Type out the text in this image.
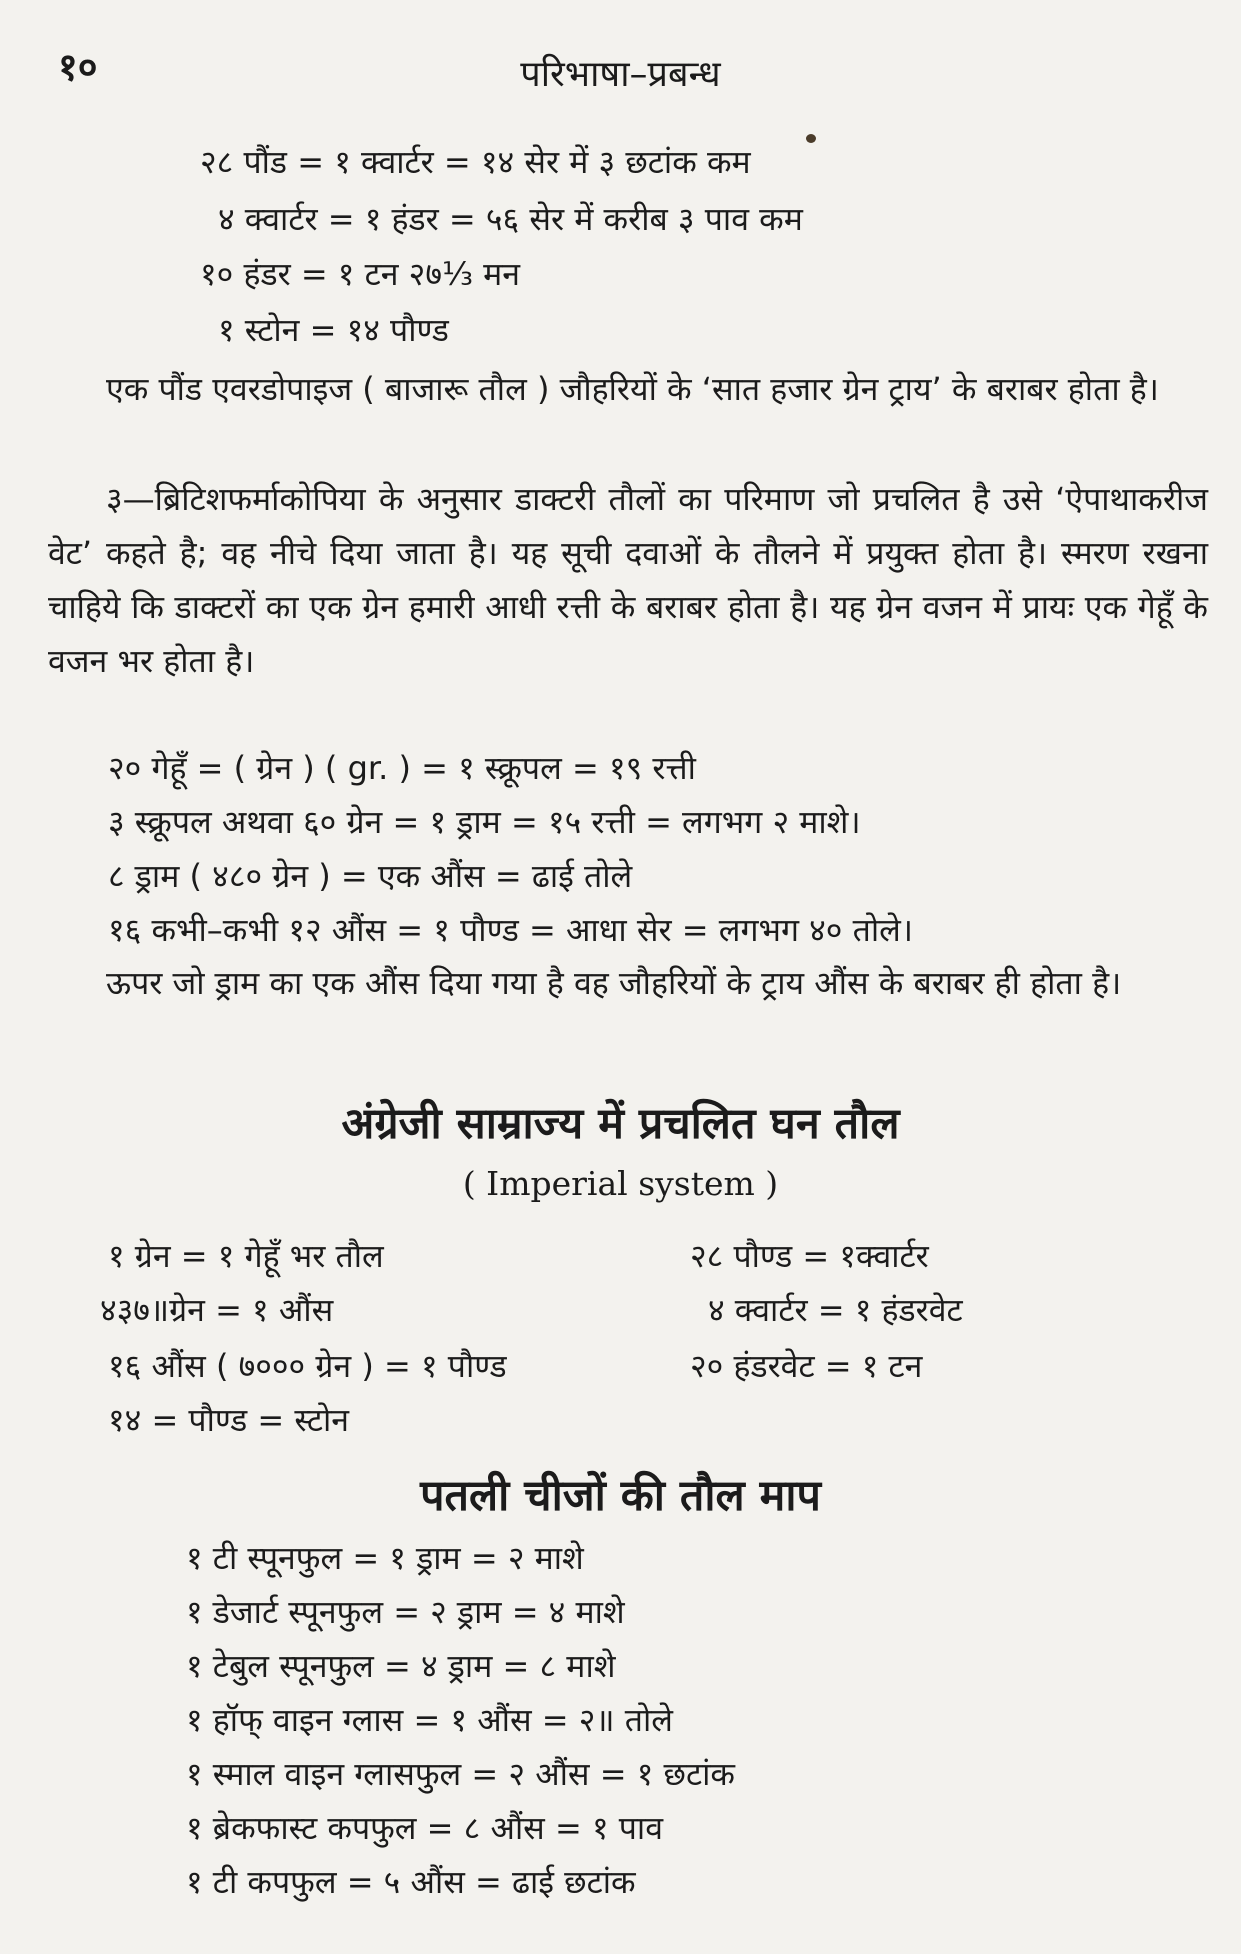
१०	परिभाषा–प्रबन्ध
२८ पौंड = १ क्वार्टर = १४ सेर में ३ छटांक कम
४ क्वार्टर = १ हंडर = ५६ सेर में करीब ३ पाव कम
१० हंडर = १ टन २७⅓ मन
१ स्टोन = १४ पौण्ड
एक पौंड एवरडोपाइज ( बाजारू तौल ) जौहरियों के ‘सात हजार ग्रेन ट्राय’ के बराबर होता है।
३—ब्रिटिशफर्माकोपिया के अनुसार डाक्टरी तौलों का परिमाण जो प्रचलित है उसे ‘ऐपाथाकरीज वेट’ कहते है; वह नीचे दिया जाता है। यह सूची दवाओं के तौलने में प्रयुक्त होता है। स्मरण रखना चाहिये कि डाक्टरों का एक ग्रेन हमारी आधी रत्ती के बराबर होता है। यह ग्रेन वजन में प्रायः एक गेहूँ के वजन भर होता है।
२० गेहूँ = ( ग्रेन ) ( gr. ) = १ स्क्रूपल = १९ रत्ती
३ स्क्रूपल अथवा ६० ग्रेन = १ ड्राम = १५ रत्ती = लगभग २ माशे।
८ ड्राम ( ४८० ग्रेन ) = एक औंस = ढाई तोले
१६ कभी–कभी १२ औंस = १ पौण्ड = आधा सेर = लगभग ४० तोले।
ऊपर जो ड्राम का एक औंस दिया गया है वह जौहरियों के ट्राय औंस के बराबर ही होता है।
अंग्रेजी साम्राज्य में प्रचलित घन तौल
( Imperial system )
१ ग्रेन = १ गेहूँ भर तौल
४३७॥ग्रेन = १ औंस
१६ औंस ( ७००० ग्रेन ) = १ पौण्ड
१४ = पौण्ड = स्टोन
२८ पौण्ड = १क्वार्टर
४ क्वार्टर = १ हंडरवेट
२० हंडरवेट = १ टन
पतली चीजों की तौल माप
१ टी स्पूनफुल = १ ड्राम = २ माशे
१ डेजार्ट स्पूनफुल = २ ड्राम = ४ माशे
१ टेबुल स्पूनफुल = ४ ड्राम = ८ माशे
१ हॉफ् वाइन ग्लास = १ औंस = २॥ तोले
१ स्माल वाइन ग्लासफुल = २ औंस = १ छटांक
१ ब्रेकफास्ट कपफुल = ८ औंस = १ पाव
१ टी कपफुल = ५ औंस = ढाई छटांक
